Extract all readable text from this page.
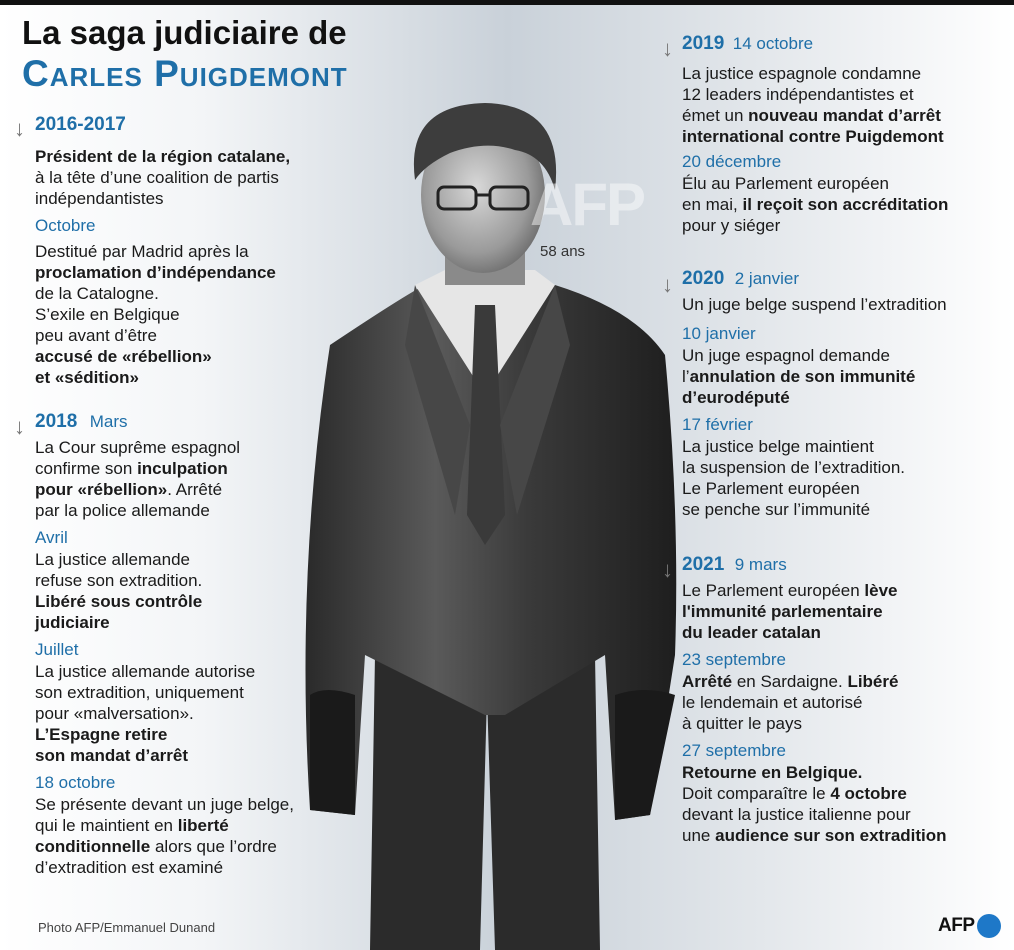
La saga judiciaire de
Carles Puigdemont
AFP
58 ans
↓ 2016-2017

Président de la région catalane,
à la tête d’une coalition de partis indépendantistes

Octobre

Destitué par Madrid après la
proclamation d’indépendance
de la Catalogne.
S’exile en Belgique
peu avant d’être
accusé de «rébellion»
et «sédition»

↓ 2018 Mars

La Cour suprême espagnol
confirme son inculpation
pour «rébellion». Arrêté
par la police allemande

Avril

La justice allemande
refuse son extradition.
Libéré sous contrôle
judiciaire

Juillet

La justice allemande autorise
son extradition, uniquement
pour «malversation».
L’Espagne retire
son mandat d’arrêt

18 octobre

Se présente devant un juge belge,
qui le maintient en liberté
conditionnelle alors que l’ordre
d’extradition est examiné

↓ 2019 14 octobre

La justice espagnole condamne
12 leaders indépendantistes et
émet un nouveau mandat d’arrêt
international contre Puigdemont

20 décembre

Élu au Parlement européen
en mai, il reçoit son accréditation
pour y siéger

↓ 2020 2 janvier

Un juge belge suspend l’extradition

10 janvier

Un juge espagnol demande
l’annulation de son immunité
d’eurodéputé

17 février

La justice belge maintient
la suspension de l’extradition.
Le Parlement européen
se penche sur l’immunité

↓ 2021 9 mars

Le Parlement européen lève
l'immunité parlementaire
du leader catalan

23 septembre

Arrêté en Sardaigne. Libéré
le lendemain et autorisé
à quitter le pays

27 septembre

Retourne en Belgique.
Doit comparaître le 4 octobre
devant la justice italienne pour
une audience sur son extradition

Photo AFP/Emmanuel Dunand	AFP
